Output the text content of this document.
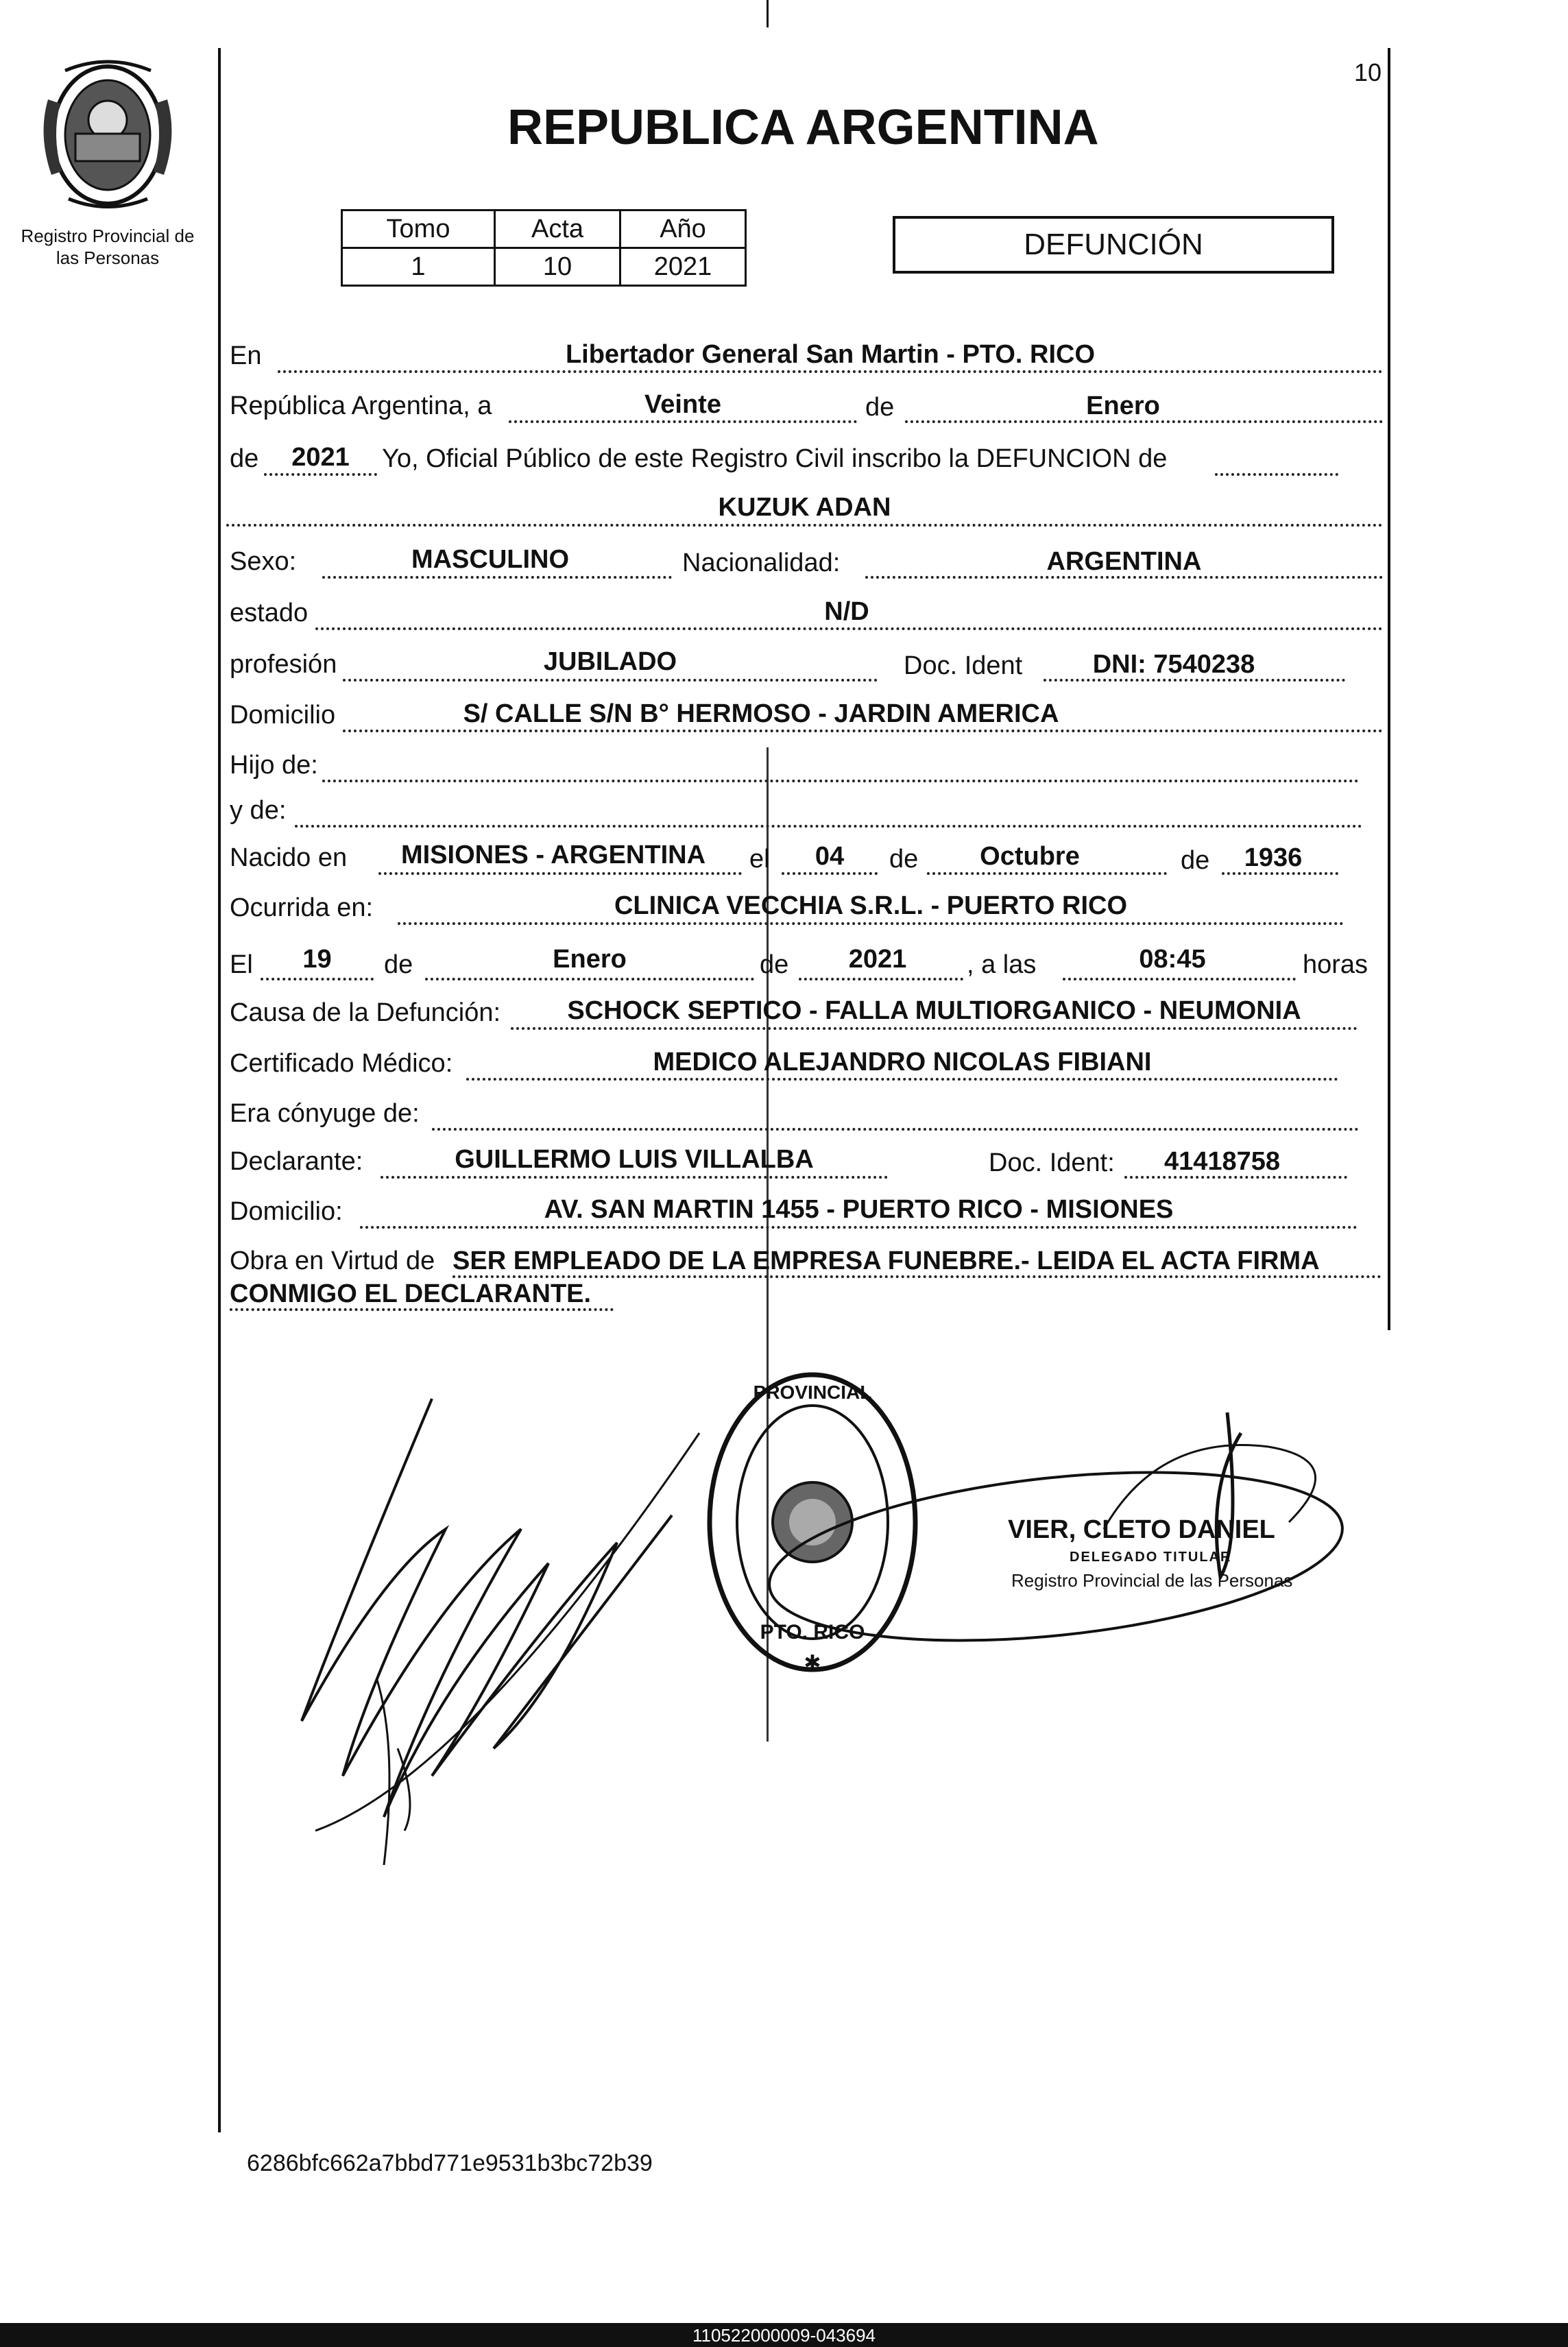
Registro Provincial de
las Personas
10
REPUBLICA ARGENTINA
Tomo	Acta	Año
1	10	2021
DEFUNCIÓN
En	Libertador General San Martin - PTO. RICO
República Argentina, a	Veinte	de	Enero
de	2021	Yo, Oficial Público de este Registro Civil inscribo la DEFUNCION de
KUZUK ADAN
Sexo:	MASCULINO	Nacionalidad:	ARGENTINA
estado	N/D
profesión	JUBILADO	Doc. Ident	DNI: 7540238
Domicilio	S/ CALLE S/N B° HERMOSO - JARDIN AMERICA
Hijo de:
y de:
Nacido en	MISIONES - ARGENTINA	el	04	de	Octubre	de	1936
Ocurrida en:	CLINICA VECCHIA S.R.L. - PUERTO RICO
El	19	de	Enero	de	2021	, a las	08:45	horas
Causa de la Defunción:	SCHOCK SEPTICO - FALLA MULTIORGANICO - NEUMONIA
Certificado Médico:	MEDICO ALEJANDRO NICOLAS FIBIANI
Era cónyuge de:
Declarante:	GUILLERMO LUIS VILLALBA	Doc. Ident:	41418758
Domicilio:	AV. SAN MARTIN 1455 - PUERTO RICO - MISIONES
Obra en Virtud de SER EMPLEADO DE LA EMPRESA FUNEBRE.- LEIDA EL ACTA FIRMA
CONMIGO EL DECLARANTE.
PROVINCIAL
PTO. RICO
✱
VIER, CLETO DANIEL
DELEGADO TITULAR
Registro Provincial de las Personas
6286bfc662a7bbd771e9531b3bc72b39
110522000009-043694
